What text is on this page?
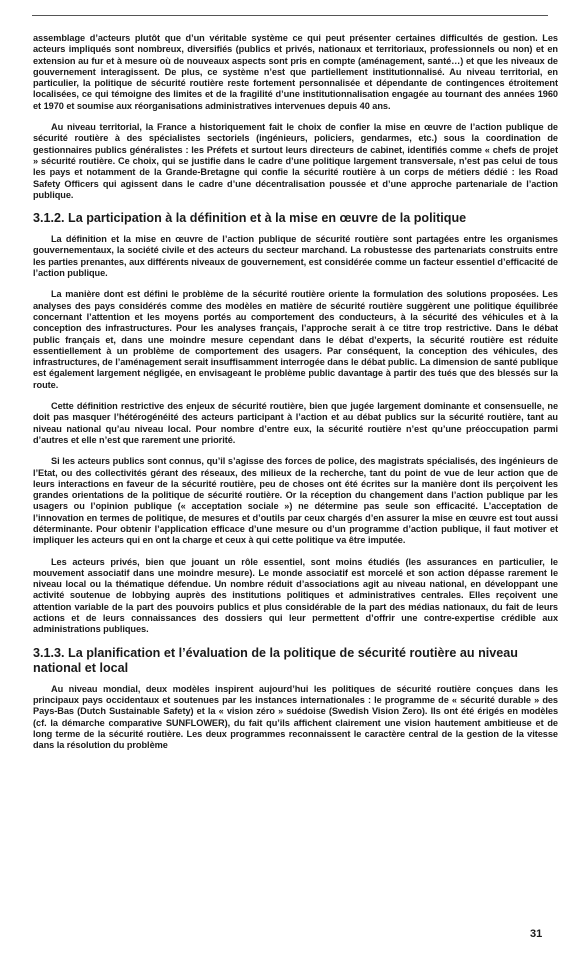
assemblage d’acteurs plutôt que d’un véritable système ce qui peut présenter certaines difficultés de gestion. Les acteurs impliqués sont nombreux, diversifiés (publics et privés, nationaux et territoriaux, professionnels ou non) et en extension au fur et à mesure où de nouveaux aspects sont pris en compte (aménagement, santé…) et que les niveaux de gouvernement interagissent. De plus, ce système n’est que partiellement institutionnalisé. Au niveau territorial, en particulier, la politique de sécurité routière reste fortement personnalisée et dépendante de contingences étroitement localisées, ce qui témoigne des limites et de la fragilité d’une institutionnalisation engagée au tournant des années 1960 et 1970 et soumise aux réorganisations administratives intervenues depuis 40 ans.

Au niveau territorial, la France a historiquement fait le choix de confier la mise en œuvre de l’action publique de sécurité routière à des spécialistes sectoriels (ingénieurs, policiers, gendarmes, etc.) sous la coordination de gestionnaires publics généralistes : les Préfets et surtout leurs directeurs de cabinet, identifiés comme « chefs de projet » sécurité routière. Ce choix, qui se justifie dans le cadre d’une politique largement transversale, n’est pas celui de tous les pays et notamment de la Grande-Bretagne qui confie la sécurité routière à un corps de métiers dédié : les Road Safety Officers qui agissent dans le cadre d’une décentralisation poussée et d’une approche partenariale de l’action publique.

3.1.2. La participation à la définition et à la mise en œuvre de la politique

La définition et la mise en œuvre de l’action publique de sécurité routière sont partagées entre les organismes gouvernementaux, la société civile et des acteurs du secteur marchand. La robustesse des partenariats construits entre les parties prenantes, aux différents niveaux de gouvernement, est considérée comme un facteur essentiel d’efficacité de l’action publique.

La manière dont est défini le problème de la sécurité routière oriente la formulation des solutions proposées. Les analyses des pays considérés comme des modèles en matière de sécurité routière suggèrent une politique équilibrée concernant l’attention et les moyens portés au comportement des conducteurs, à la sécurité des véhicules et à la conception des infrastructures. Pour les analyses français, l’approche serait à ce titre trop restrictive. Dans le débat public français et, dans une moindre mesure cependant dans le débat d’experts, la sécurité routière est réduite essentiellement à un problème de comportement des usagers. Par conséquent, la conception des véhicules, des infrastructures, de l’aménagement serait insuffisamment interrogée dans le débat public. La dimension de santé publique est également largement négligée, en envisageant le problème public davantage à partir des tués que des blessés sur la route.

Cette définition restrictive des enjeux de sécurité routière, bien que jugée largement dominante et consensuelle, ne doit pas masquer l’hétérogénéité des acteurs participant à l’action et au débat publics sur la sécurité routière, tant au niveau national qu’au niveau local. Pour nombre d’entre eux, la sécurité routière n’est qu’une préoccupation parmi d’autres et elle n’est que rarement une priorité.

Si les acteurs publics sont connus, qu’il s’agisse des forces de police, des magistrats spécialisés, des ingénieurs de l’Etat, ou des collectivités gérant des réseaux, des milieux de la recherche, tant du point de vue de leur action que de leurs interactions en faveur de la sécurité routière, peu de choses ont été écrites sur la manière dont ils perçoivent les grandes orientations de la politique de sécurité routière. Or la réception du changement dans l’action publique par les usagers ou l’opinion publique (« acceptation sociale ») ne détermine pas seule son efficacité. L’acceptation de l’innovation en termes de politique, de mesures et d’outils par ceux chargés d’en assurer la mise en œuvre est tout aussi déterminante. Pour obtenir l’application efficace d’une mesure ou d’un programme d’action publique, il faut motiver et impliquer les acteurs qui en ont la charge et ceux à qui cette politique va être imputée.

Les acteurs privés, bien que jouant un rôle essentiel, sont moins étudiés (les assurances en particulier, le mouvement associatif dans une moindre mesure). Le monde associatif est morcelé et son action dépasse rarement le niveau local ou la thématique défendue. Un nombre réduit d’associations agit au niveau national, en développant une activité soutenue de lobbying auprès des institutions politiques et administratives centrales. Elles reçoivent une attention variable de la part des pouvoirs publics et plus considérable de la part des médias nationaux, du fait de leurs actions et de leurs connaissances des dossiers qui leur permettent d’offrir une contre-expertise crédible aux administrations publiques.

3.1.3. La planification et l’évaluation de la politique de sécurité routière au niveau national et local

Au niveau mondial, deux modèles inspirent aujourd’hui les politiques de sécurité routière conçues dans les principaux pays occidentaux et soutenues par les instances internationales : le programme de « sécurité durable » des Pays-Bas (Dutch Sustainable Safety) et la « vision zéro » suédoise (Swedish Vision Zero). Ils ont été érigés en modèles (cf. la démarche comparative SUNFLOWER), du fait qu’ils affichent clairement une vision hautement ambitieuse et de long terme de la sécurité routière. Les deux programmes reconnaissent le caractère central de la gestion de la vitesse dans la résolution du problème

31
